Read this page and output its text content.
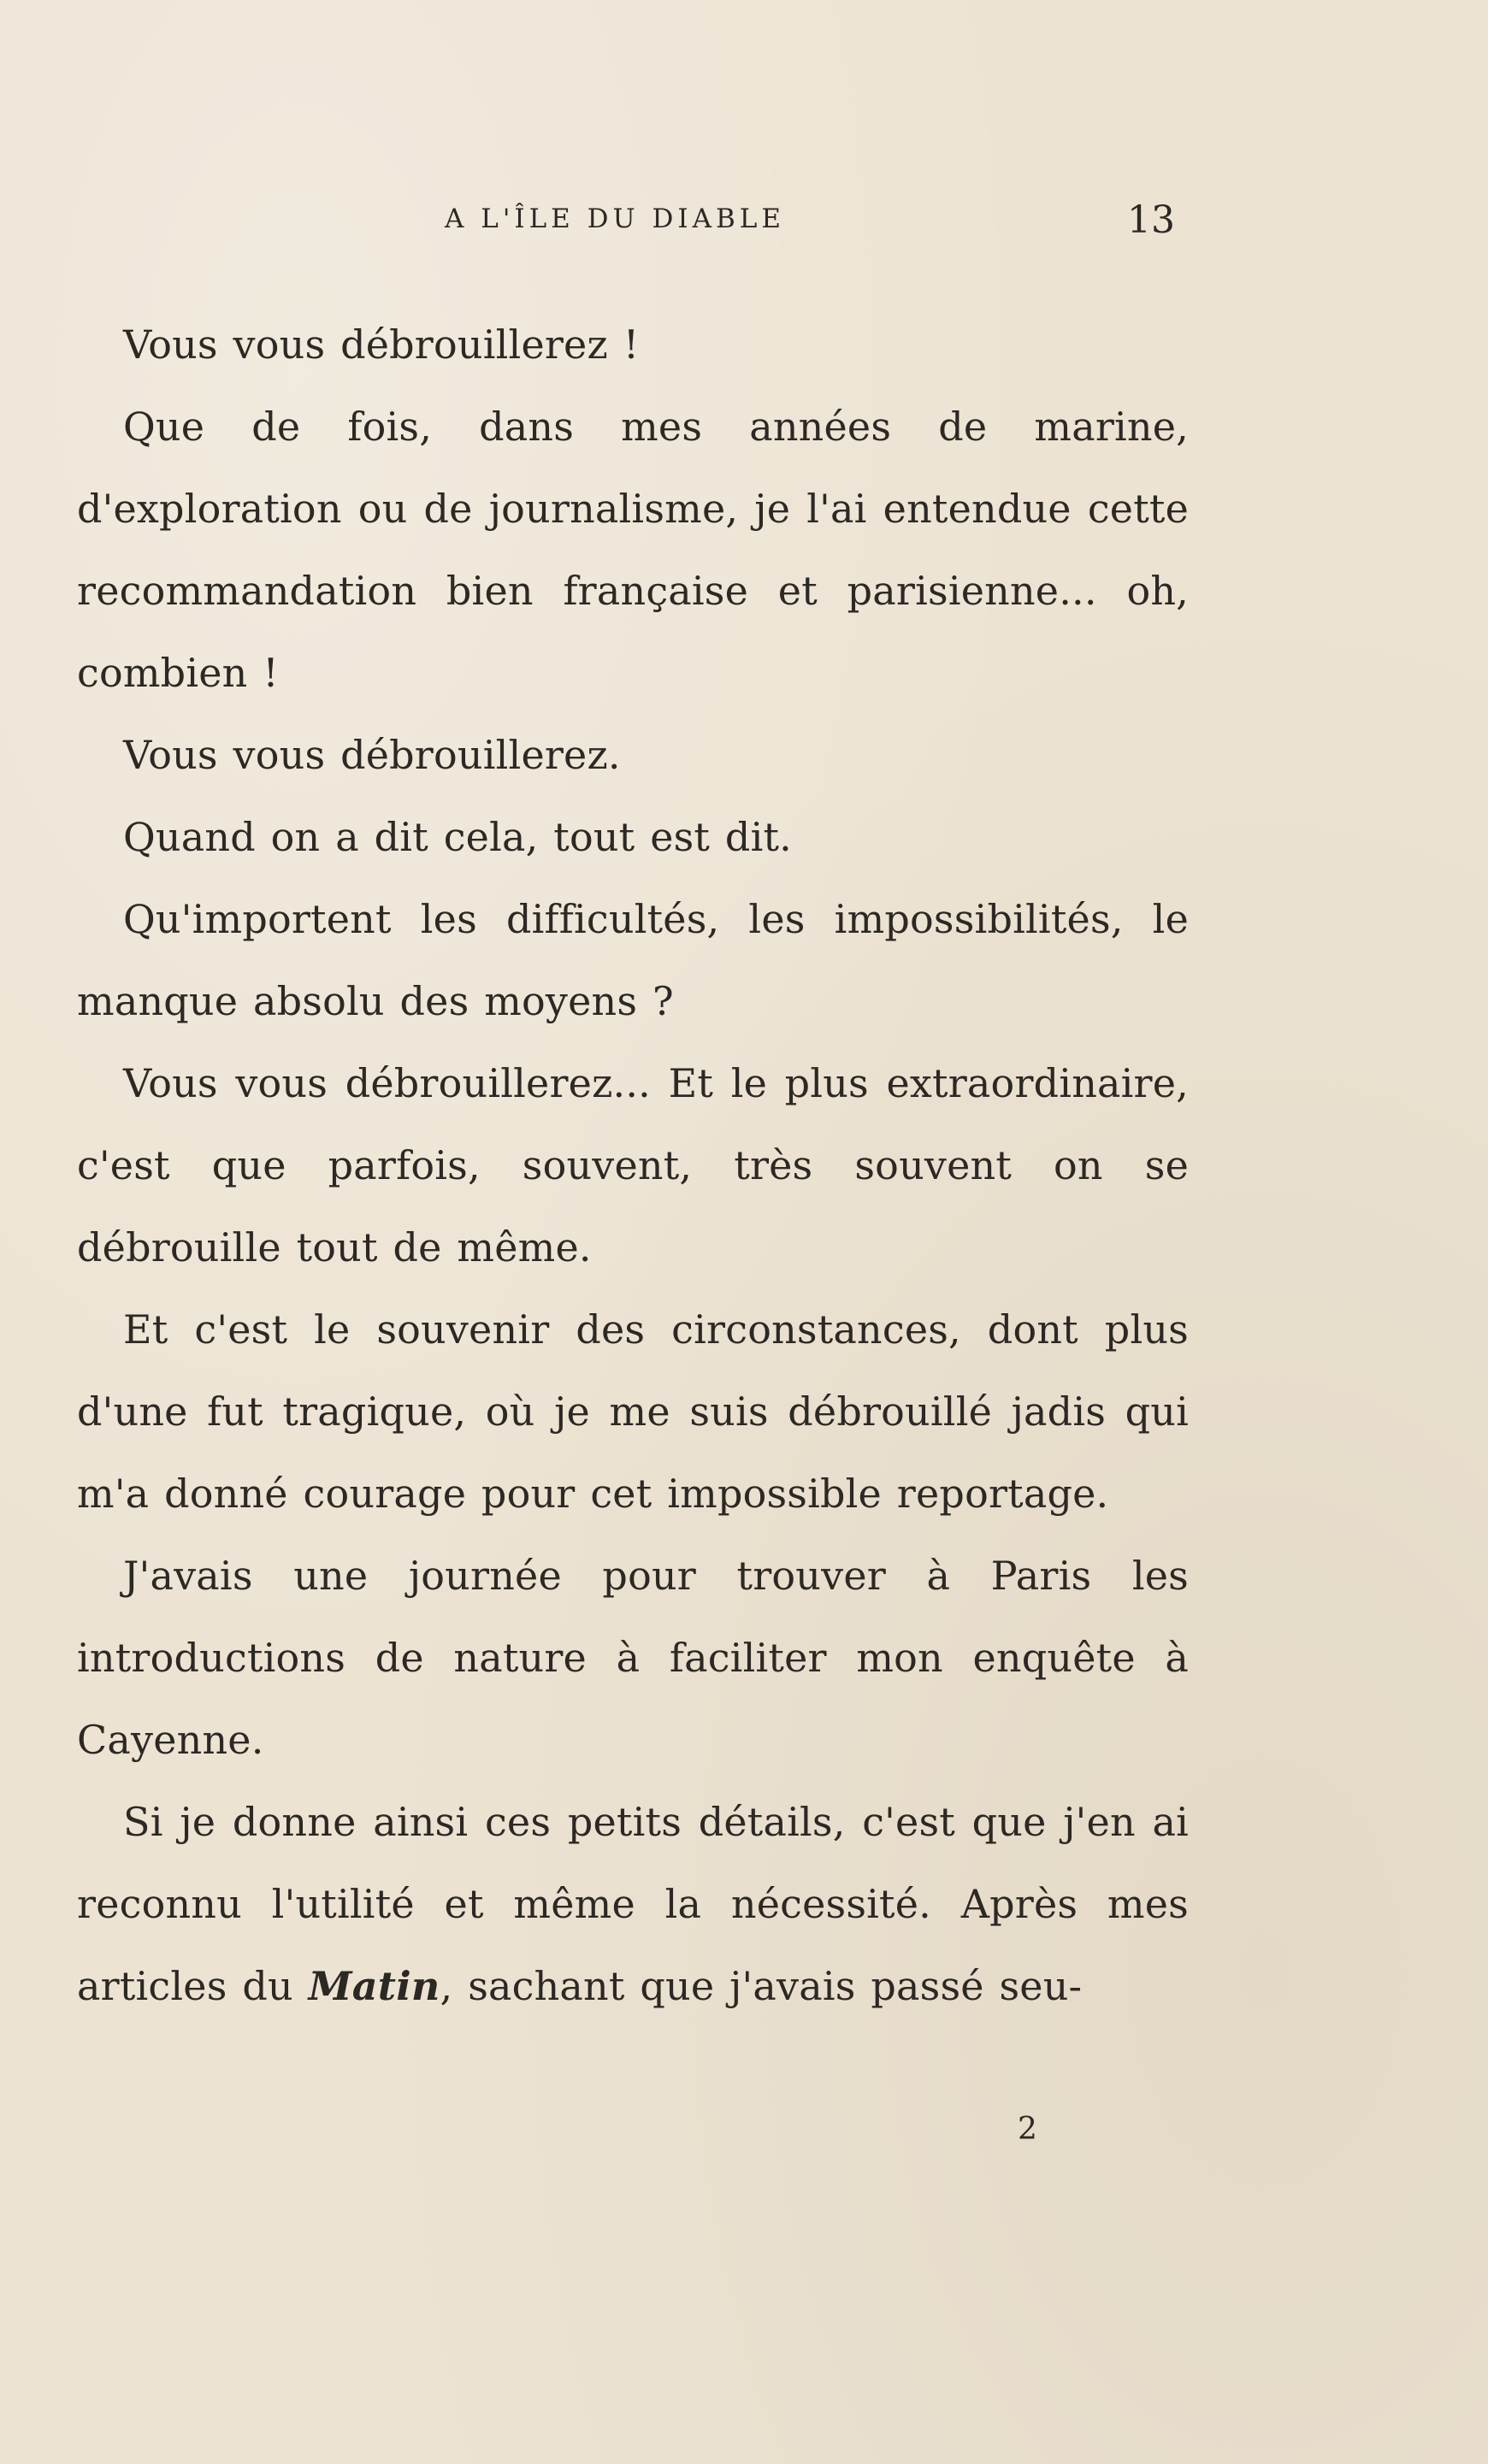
A L'ÎLE DU DIABLE	13

Vous vous débrouillerez !

Que de fois, dans mes années de marine, d'exploration ou de journalisme, je l'ai entendue cette recommandation bien française et parisienne... oh, combien !

Vous vous débrouillerez.

Quand on a dit cela, tout est dit.

Qu'importent les difficultés, les impossibilités, le manque absolu des moyens ?

Vous vous débrouillerez... Et le plus extraordinaire, c'est que parfois, souvent, très souvent on se débrouille tout de même.

Et c'est le souvenir des circonstances, dont plus d'une fut tragique, où je me suis débrouillé jadis qui m'a donné courage pour cet impossible reportage.

J'avais une journée pour trouver à Paris les introductions de nature à faciliter mon enquête à Cayenne.

Si je donne ainsi ces petits détails, c'est que j'en ai reconnu l'utilité et même la nécessité. Après mes articles du Matin, sachant que j'avais passé seu-

2
